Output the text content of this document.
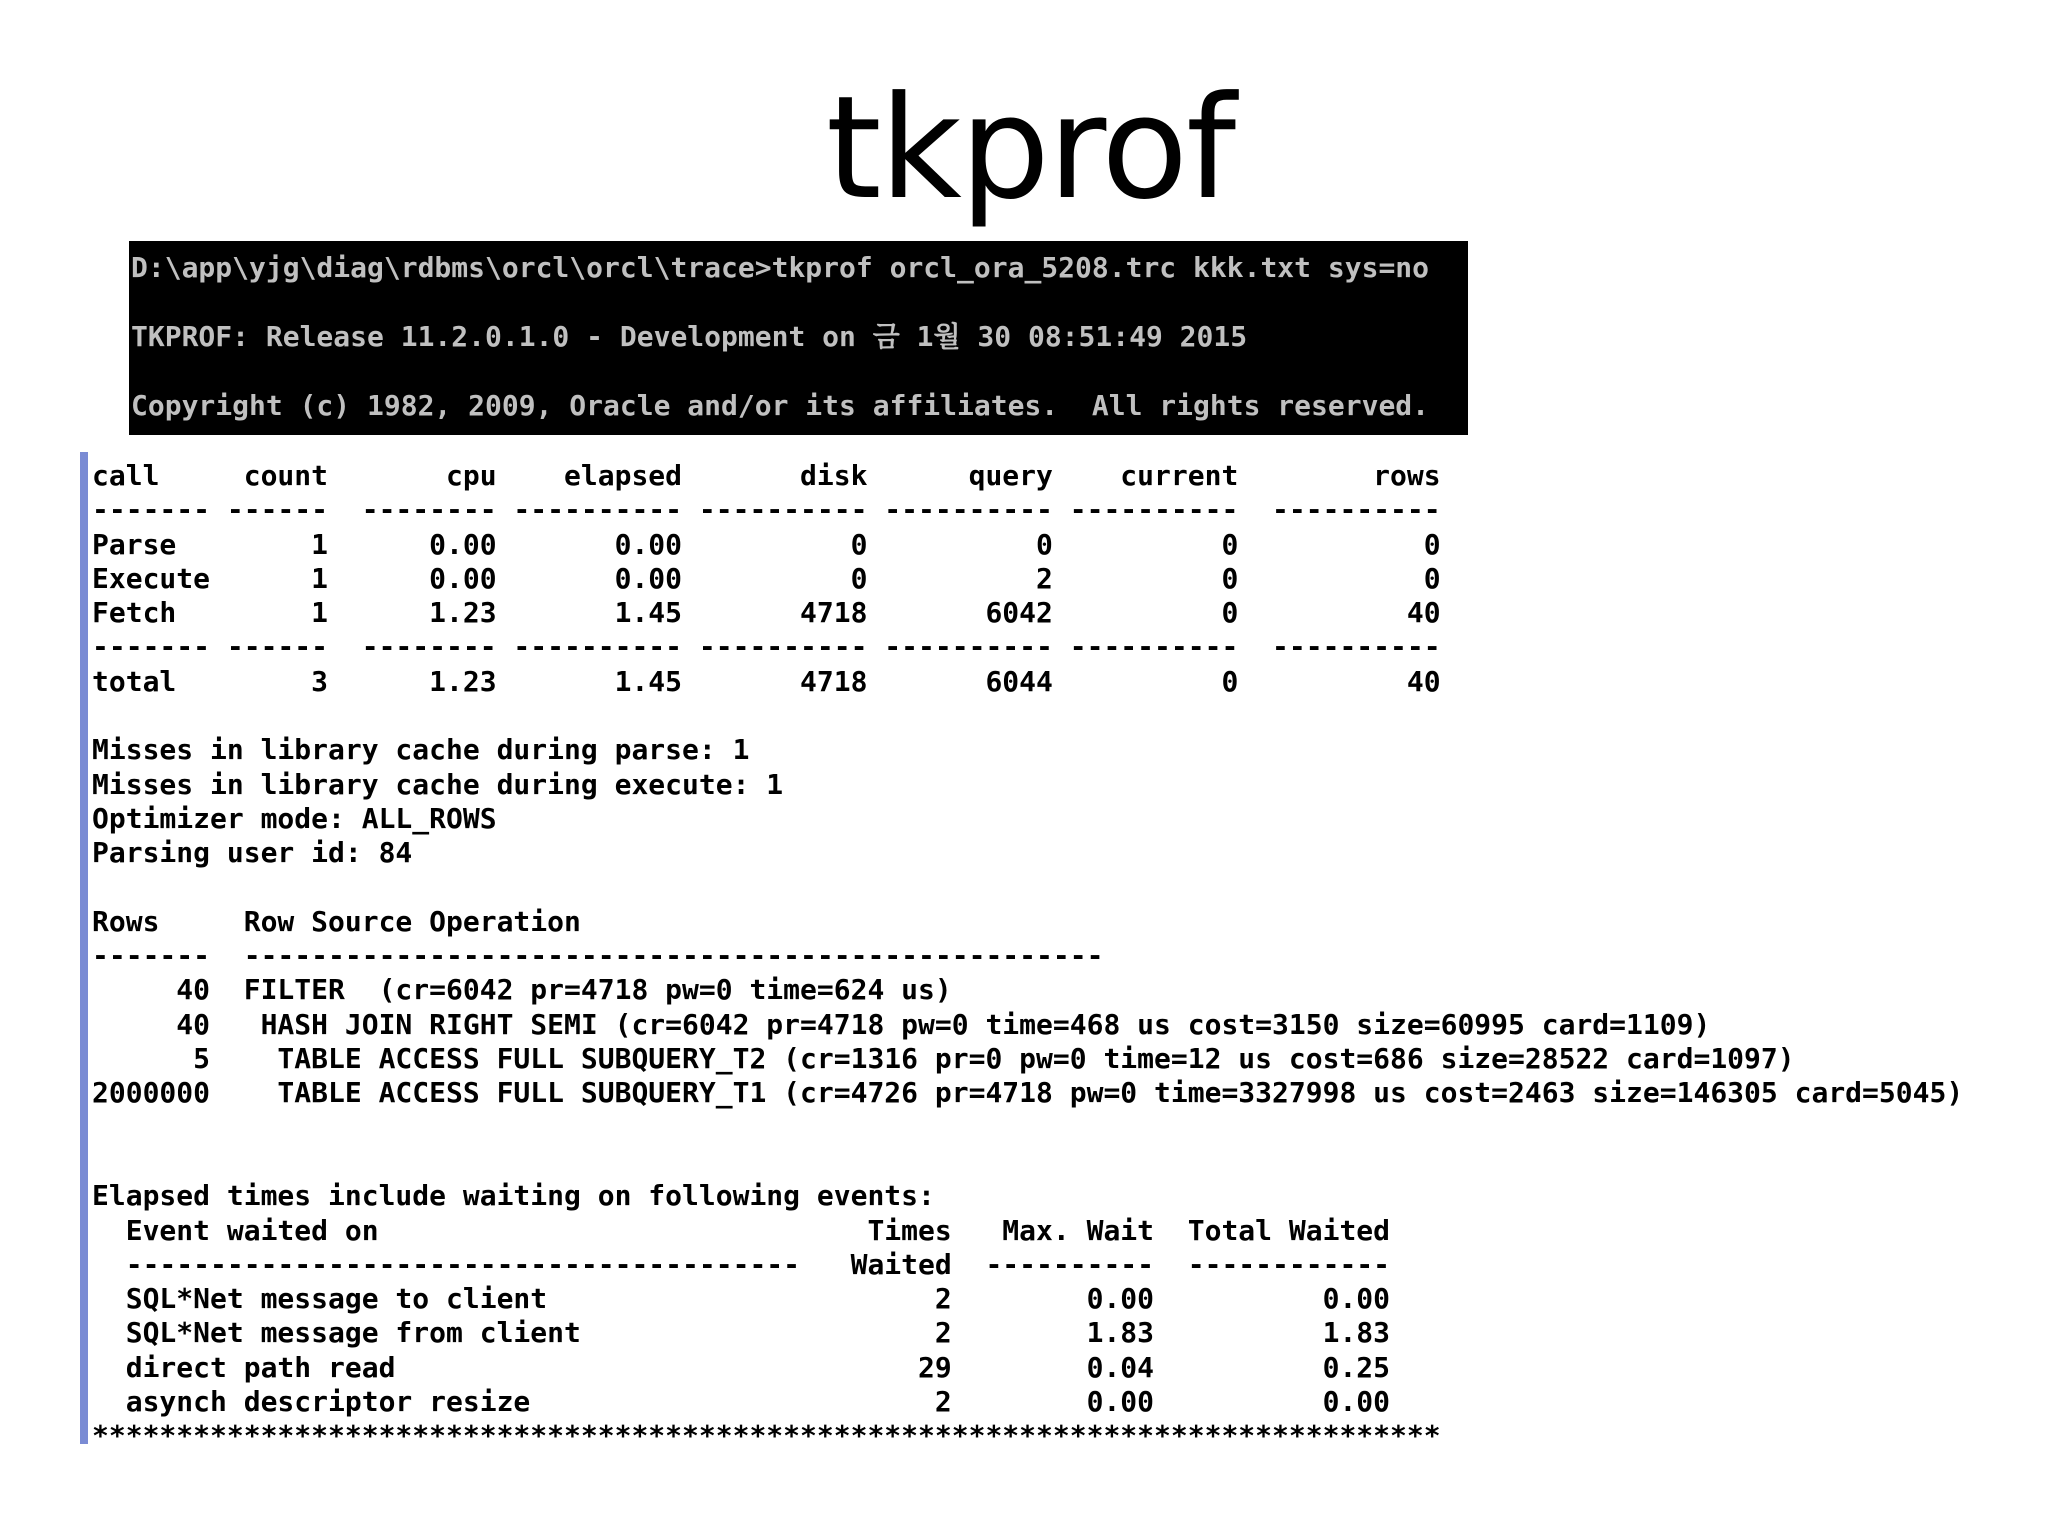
tkprof
D:\app\yjg\diag\rdbms\orcl\orcl\trace>tkprof orcl_ora_5208.trc kkk.txt sys=no
TKPROF: Release 11.2.0.1.0 - Development on 금 1월 30 08:51:49 2015
Copyright (c) 1982, 2009, Oracle and/or its affiliates.  All rights reserved.
call     count       cpu    elapsed       disk      query    current        rows
------- ------  -------- ---------- ---------- ---------- ----------  ----------
Parse        1      0.00       0.00          0          0          0           0
Execute      1      0.00       0.00          0          2          0           0
Fetch        1      1.23       1.45       4718       6042          0          40
------- ------  -------- ---------- ---------- ---------- ----------  ----------
total        3      1.23       1.45       4718       6044          0          40
Misses in library cache during parse: 1
Misses in library cache during execute: 1
Optimizer mode: ALL_ROWS
Parsing user id: 84
Rows     Row Source Operation
-------  ---------------------------------------------------
40  FILTER  (cr=6042 pr=4718 pw=0 time=624 us)
40   HASH JOIN RIGHT SEMI (cr=6042 pr=4718 pw=0 time=468 us cost=3150 size=60995 card=1109)
5    TABLE ACCESS FULL SUBQUERY_T2 (cr=1316 pr=0 pw=0 time=12 us cost=686 size=28522 card=1097)
2000000    TABLE ACCESS FULL SUBQUERY_T1 (cr=4726 pr=4718 pw=0 time=3327998 us cost=2463 size=146305 card=5045)
Elapsed times include waiting on following events:
Event waited on                             Times   Max. Wait  Total Waited
----------------------------------------   Waited  ----------  ------------
SQL*Net message to client                       2        0.00          0.00
SQL*Net message from client                     2        1.83          1.83
direct path read                               29        0.04          0.25
asynch descriptor resize                        2        0.00          0.00
********************************************************************************
